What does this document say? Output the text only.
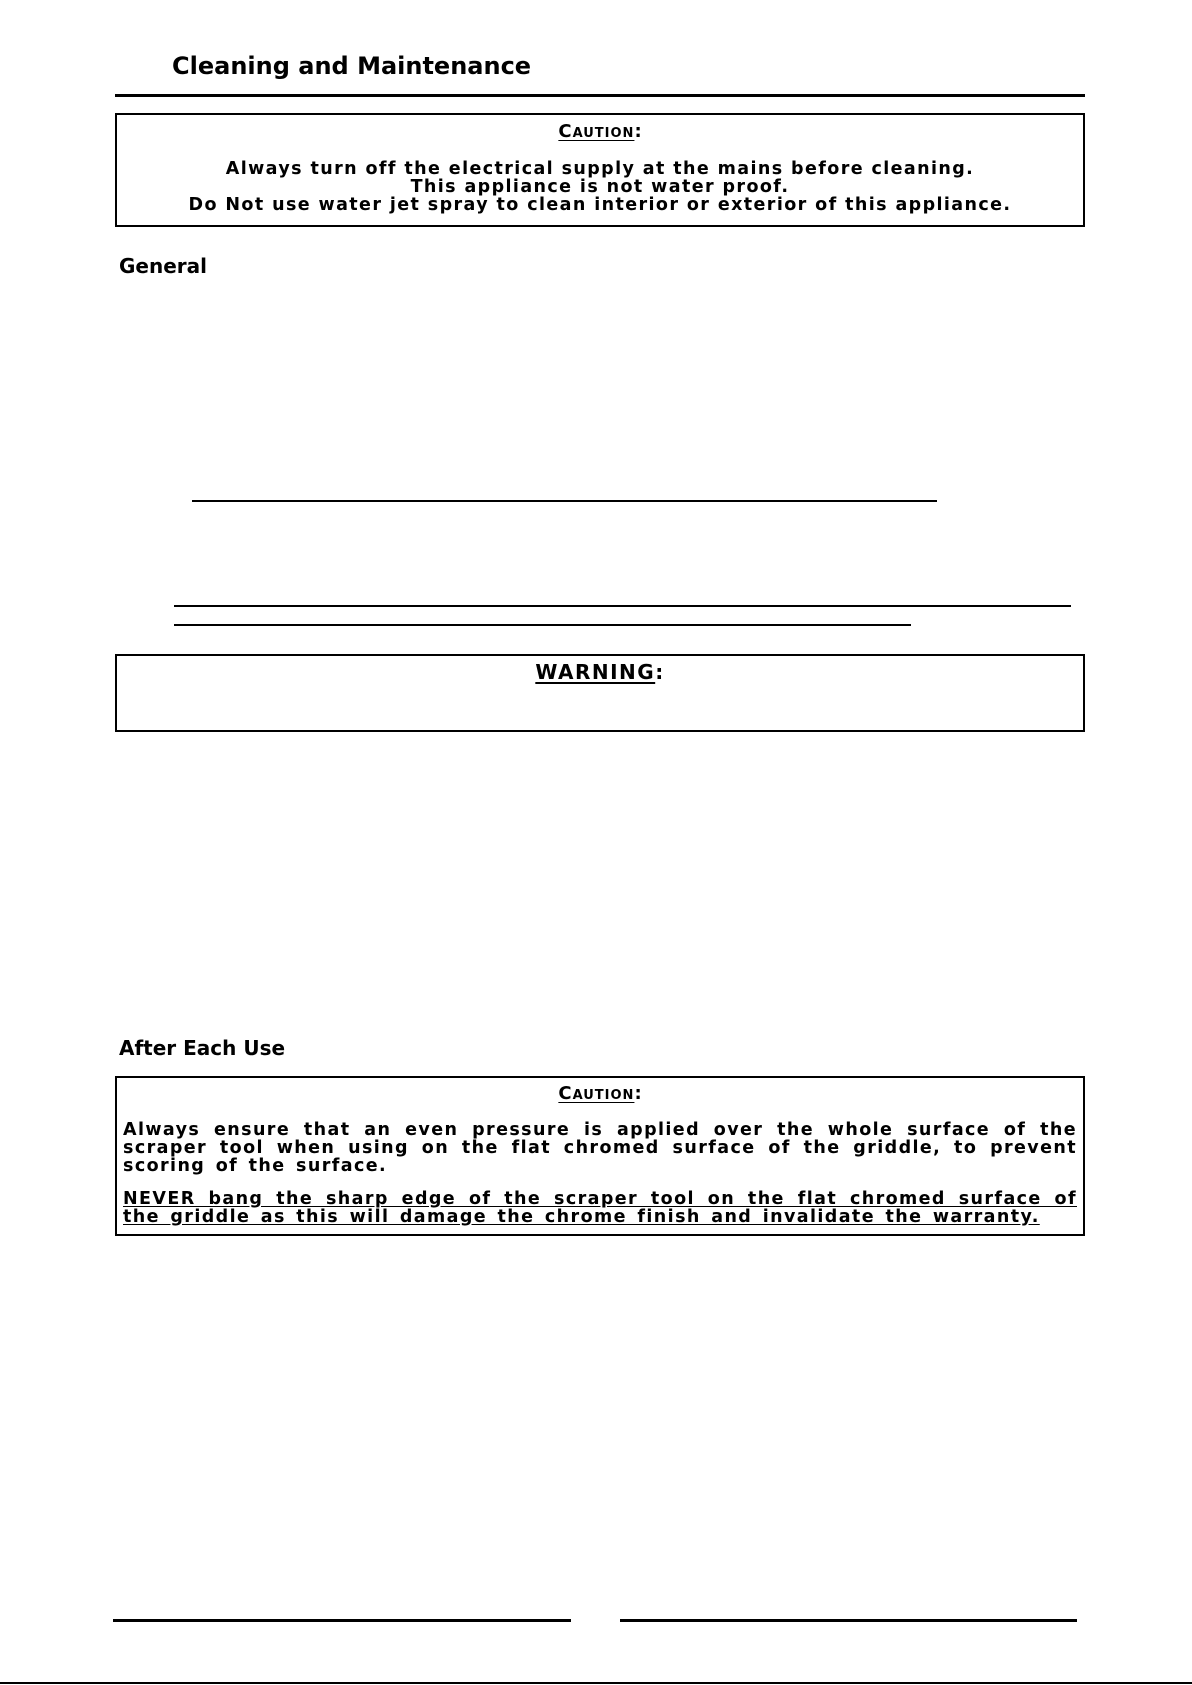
Cleaning and Maintenance

Caution:

Always turn off the electrical supply at the mains before cleaning.
This appliance is not water proof.
Do Not use water jet spray to clean interior or exterior of this appliance.
General

WARNING:

After Each Use

Caution:

Always ensure that an even pressure is applied over the whole surface of the scraper tool when using on the flat chromed surface of the griddle, to prevent scoring of the surface.
NEVER bang the sharp edge of the scraper tool on the flat chromed surface of the griddle as this will damage the chrome finish and invalidate the warranty.
